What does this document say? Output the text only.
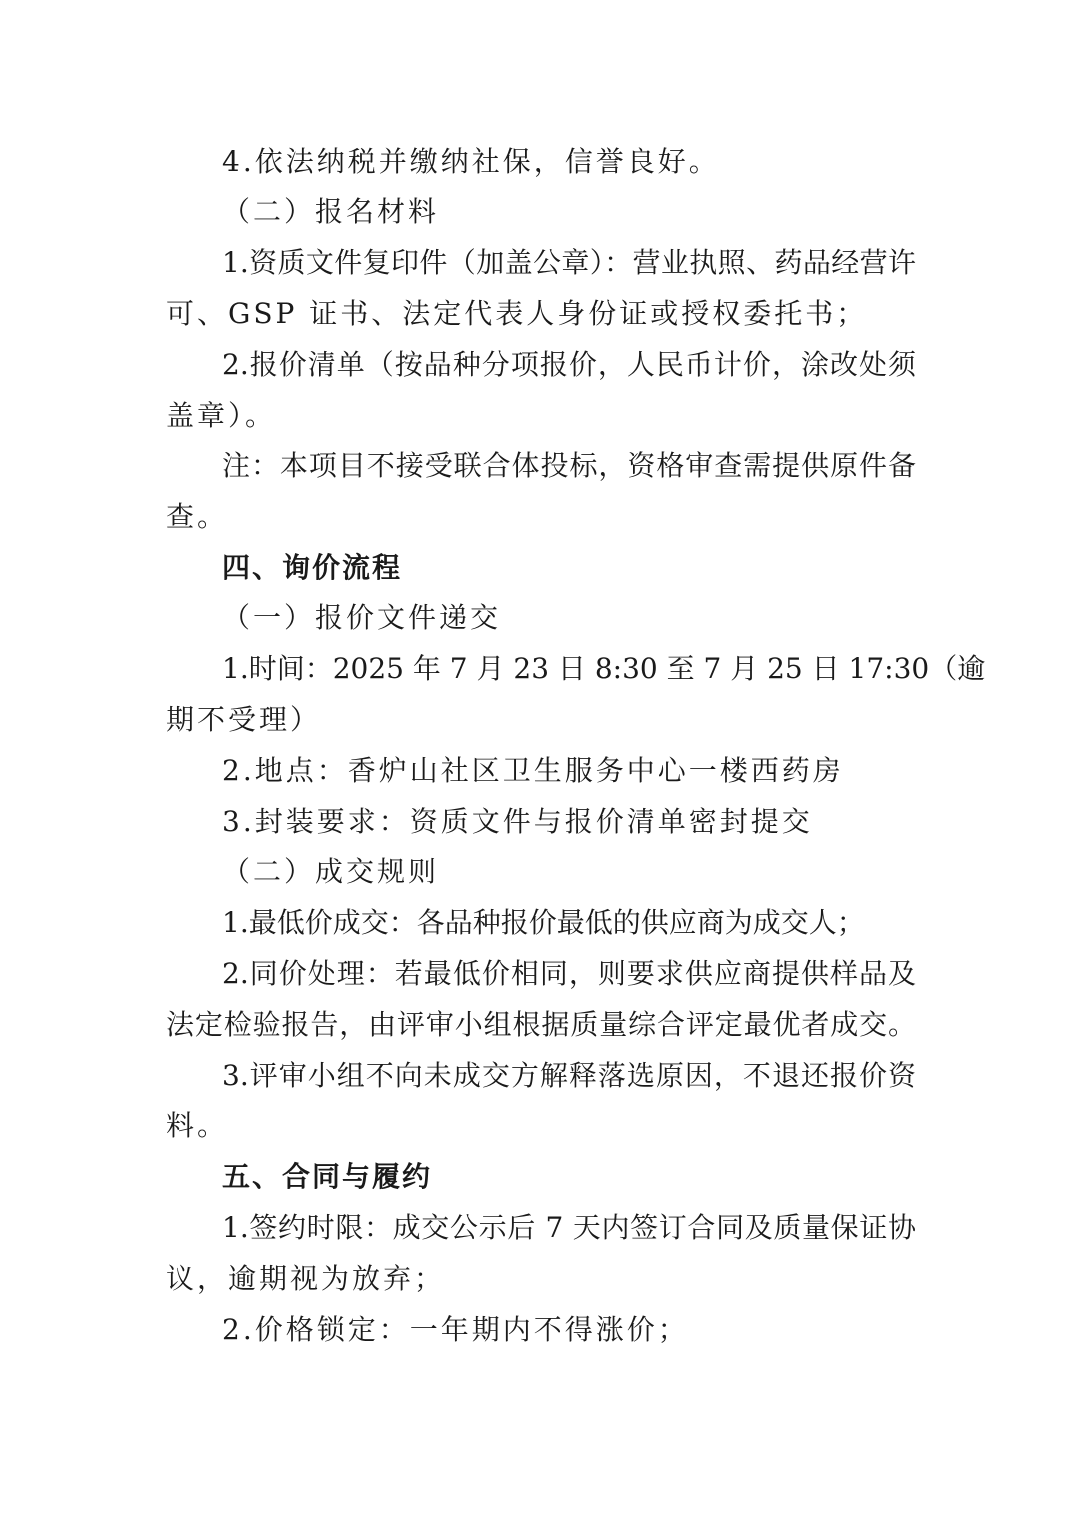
4.依法纳税并缴纳社保，信誉良好。
（二）报名材料
1.资质文件复印件（加盖公章）：营业执照、药品经营许
可、GSP 证书、法定代表人身份证或授权委托书；
2.报价清单（按品种分项报价，人民币计价，涂改处须
盖章）。
注：本项目不接受联合体投标，资格审查需提供原件备
查。
四、询价流程
（一）报价文件递交
1.时间：2025 年 7 月 23 日 8:30 至 7 月 25 日 17:30（逾
期不受理）
2.地点：香炉山社区卫生服务中心一楼西药房
3.封装要求：资质文件与报价清单密封提交
（二）成交规则
1.最低价成交：各品种报价最低的供应商为成交人；
2.同价处理：若最低价相同，则要求供应商提供样品及
法定检验报告，由评审小组根据质量综合评定最优者成交。
3.评审小组不向未成交方解释落选原因，不退还报价资
料。
五、合同与履约
1.签约时限：成交公示后 7 天内签订合同及质量保证协
议，逾期视为放弃；
2.价格锁定：一年期内不得涨价；
